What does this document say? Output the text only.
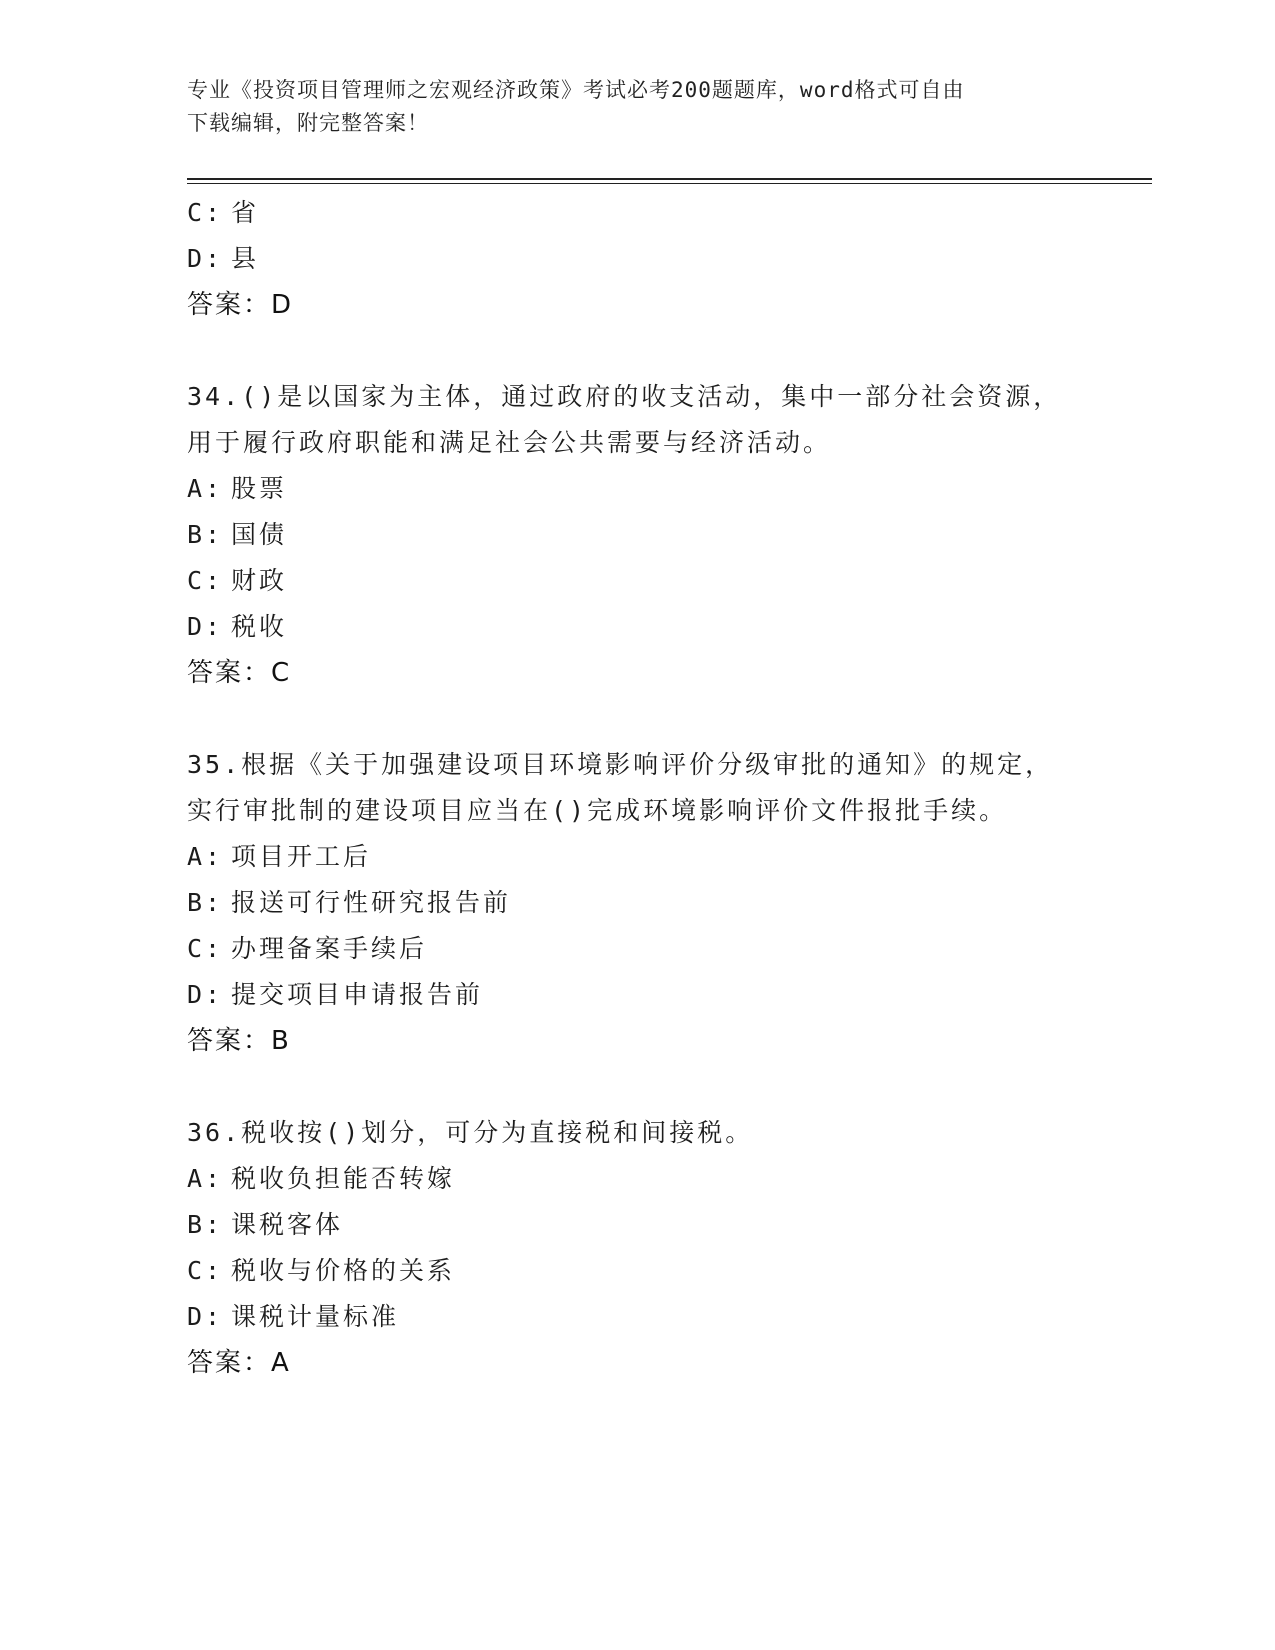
专业《投资项目管理师之宏观经济政策》考试必考200题题库，word格式可自由
下载编辑，附完整答案！
C: 省
D: 县
答案：D
34.()是以国家为主体，通过政府的收支活动，集中一部分社会资源，
用于履行政府职能和满足社会公共需要与经济活动。
A: 股票
B: 国债
C: 财政
D: 税收
答案：C
35.根据《关于加强建设项目环境影响评价分级审批的通知》的规定，
实行审批制的建设项目应当在()完成环境影响评价文件报批手续。
A: 项目开工后
B: 报送可行性研究报告前
C: 办理备案手续后
D: 提交项目申请报告前
答案：B
36.税收按()划分，可分为直接税和间接税。
A: 税收负担能否转嫁
B: 课税客体
C: 税收与价格的关系
D: 课税计量标准
答案：A
